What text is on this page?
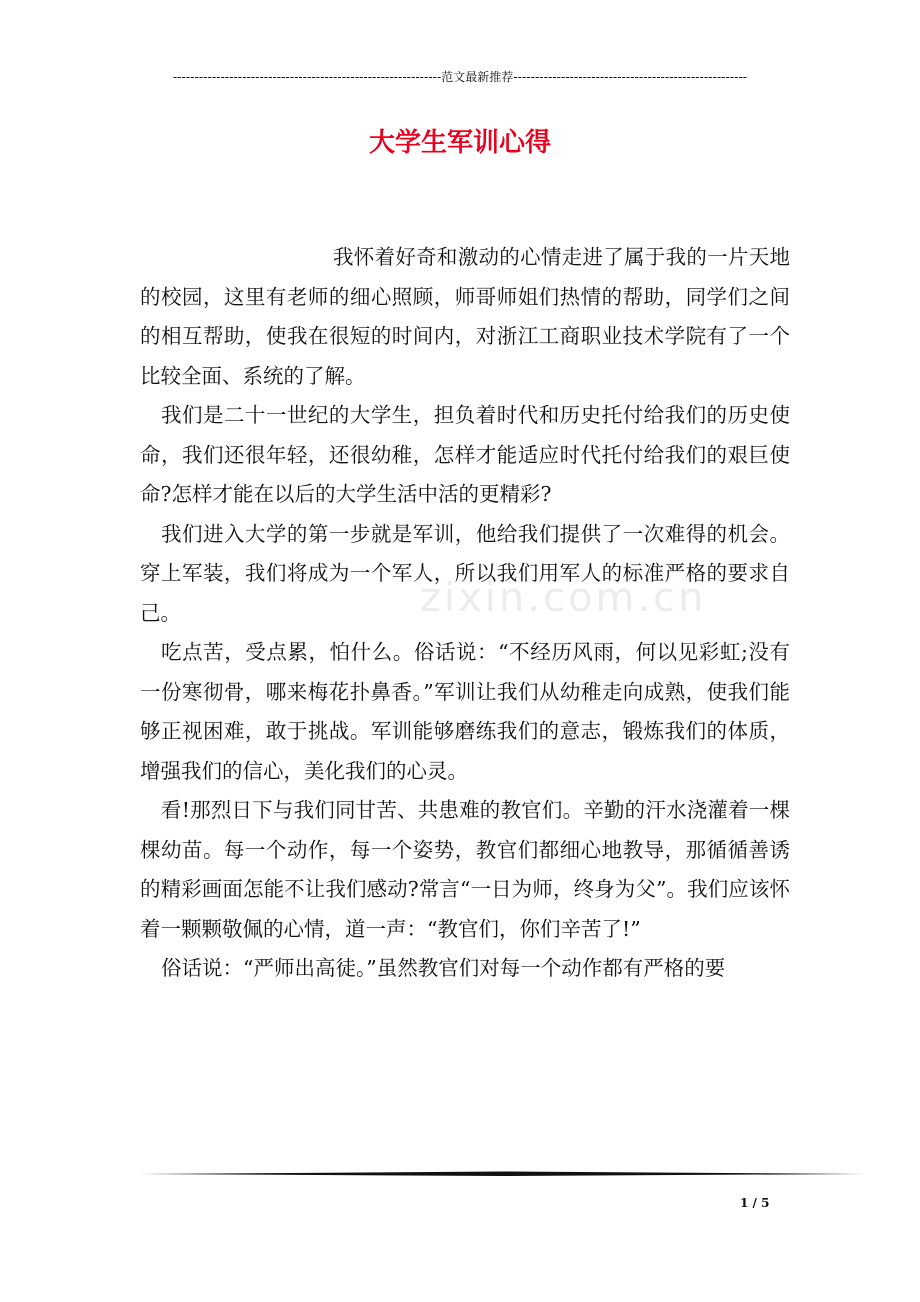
--------------------------------------------------------------范文最新推荐------------------------------------------------------
大学生军训心得
zixin.com.cn

我怀着好奇和激动的心情走进了属于我的一片天地的校园，这里有老师的细心照顾，师哥师姐们热情的帮助，同学们之间的相互帮助，使我在很短的时间内，对浙江工商职业技术学院有了一个比较全面、系统的了解。

我们是二十一世纪的大学生，担负着时代和历史托付给我们的历史使命，我们还很年轻，还很幼稚，怎样才能适应时代托付给我们的艰巨使命?怎样才能在以后的大学生活中活的更精彩?

我们进入大学的第一步就是军训，他给我们提供了一次难得的机会。穿上军装，我们将成为一个军人，所以我们用军人的标准严格的要求自己。

吃点苦，受点累，怕什么。俗话说：“不经历风雨，何以见彩虹;没有一份寒彻骨，哪来梅花扑鼻香。”军训让我们从幼稚走向成熟，使我们能够正视困难，敢于挑战。军训能够磨练我们的意志，锻炼我们的体质，增强我们的信心，美化我们的心灵。

看!那烈日下与我们同甘苦、共患难的教官们。辛勤的汗水浇灌着一棵棵幼苗。每一个动作，每一个姿势，教官们都细心地教导，那循循善诱的精彩画面怎能不让我们感动?常言“一日为师，终身为父”。我们应该怀着一颗颗敬佩的心情，道一声：“教官们，你们辛苦了!”

俗话说：“严师出高徒。”虽然教官们对每一个动作都有严格的要

1 / 5
